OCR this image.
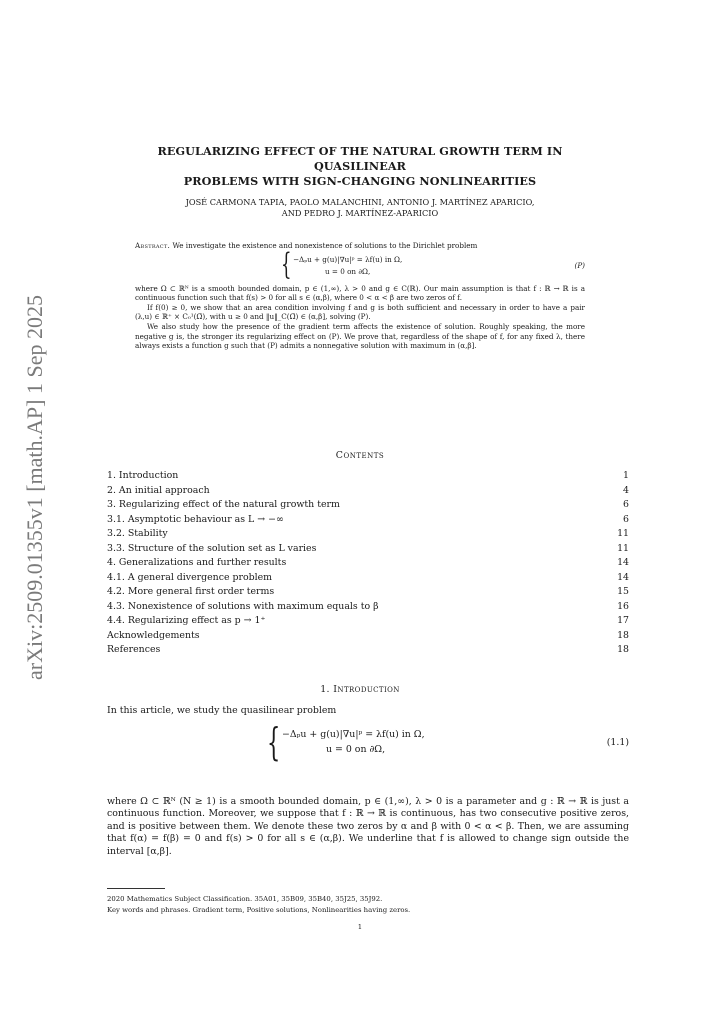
arXiv:2509.01355v1 [math.AP] 1 Sep 2025
REGULARIZING EFFECT OF THE NATURAL GROWTH TERM IN QUASILINEAR
PROBLEMS WITH SIGN-CHANGING NONLINEARITIES
JOSÉ CARMONA TAPIA, PAOLO MALANCHINI, ANTONIO J. MARTÍNEZ APARICIO,
AND PEDRO J. MARTÍNEZ-APARICIO

Abstract. We investigate the existence and nonexistence of solutions to the Dirichlet problem

{ −Δₚu + g(u)|∇u|ᵖ = λf(u) in Ω,
u = 0 on ∂Ω,
(P)

where Ω ⊂ ℝᴺ is a smooth bounded domain, p ∈ (1,∞), λ > 0 and g ∈ C(ℝ). Our main assumption is that f : ℝ → ℝ is a continuous function such that f(s) > 0 for all s ∈ (α,β), where 0 < α < β are two zeros of f.

If f(0) ≥ 0, we show that an area condition involving f and g is both sufficient and necessary in order to have a pair (λ,u) ∈ ℝ⁺ × C₀¹(Ω̄), with u ≥ 0 and ‖u‖_C(Ω̄) ∈ (α,β], solving (P).

We also study how the presence of the gradient term affects the existence of solution. Roughly speaking, the more negative g is, the stronger its regularizing effect on (P). We prove that, regardless of the shape of f, for any fixed λ, there always exists a function g such that (P) admits a nonnegative solution with maximum in (α,β].

Contents
1. Introduction	1
2. An initial approach	4
3. Regularizing effect of the natural growth term	6
3.1. Asymptotic behaviour as L → −∞	6
3.2. Stability	11
3.3. Structure of the solution set as L varies	11
4. Generalizations and further results	14
4.1. A general divergence problem	14
4.2. More general first order terms	15
4.3. Nonexistence of solutions with maximum equals to β	16
4.4. Regularizing effect as p → 1⁺	17
Acknowledgements	18
References	18
1. Introduction

In this article, we study the quasilinear problem

{ −Δₚu + g(u)|∇u|ᵖ = λf(u) in Ω,
u = 0 on ∂Ω,
(1.1)

where Ω ⊂ ℝᴺ (N ≥ 1) is a smooth bounded domain, p ∈ (1,∞), λ > 0 is a parameter and g : ℝ → ℝ is just a continuous function. Moreover, we suppose that f : ℝ → ℝ is continuous, has two consecutive positive zeros, and is positive between them. We denote these two zeros by α and β with 0 < α < β. Then, we are assuming that f(α) = f(β) = 0 and f(s) > 0 for all s ∈ (α,β). We underline that f is allowed to change sign outside the interval [α,β].

2020 Mathematics Subject Classification. 35A01, 35B09, 35B40, 35J25, 35J92.

Key words and phrases. Gradient term, Positive solutions, Nonlinearities having zeros.

1
